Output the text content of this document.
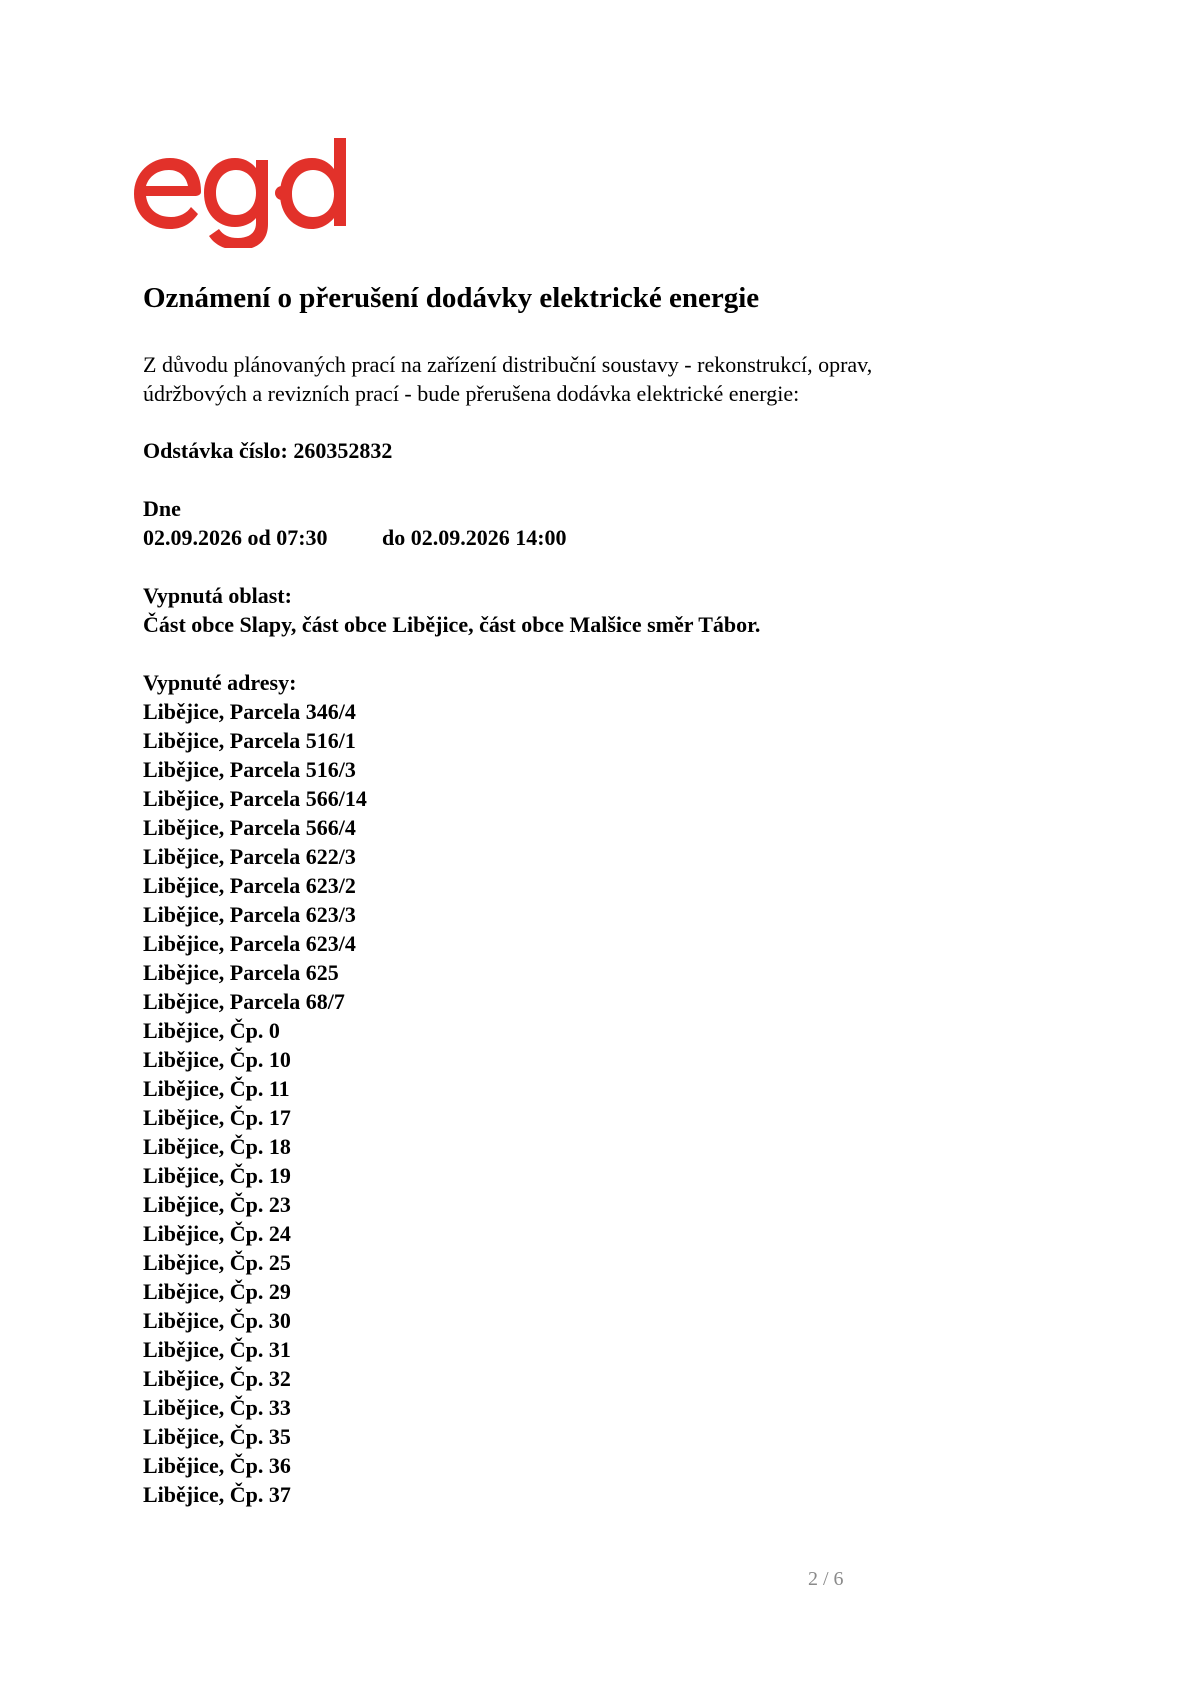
Oznámení o přerušení dodávky elektrické energie
Z důvodu plánovaných prací na zařízení distribuční soustavy - rekonstrukcí, oprav,
údržbových a revizních prací - bude přerušena dodávka elektrické energie:
Odstávka číslo: 260352832
Dne
02.09.2026 od 07:30 do 02.09.2026 14:00
Vypnutá oblast:
Část obce Slapy, část obce Libějice, část obce Malšice směr Tábor.
Vypnuté adresy:
Libějice, Parcela 346/4
Libějice, Parcela 516/1
Libějice, Parcela 516/3
Libějice, Parcela 566/14
Libějice, Parcela 566/4
Libějice, Parcela 622/3
Libějice, Parcela 623/2
Libějice, Parcela 623/3
Libějice, Parcela 623/4
Libějice, Parcela 625
Libějice, Parcela 68/7
Libějice, Čp. 0
Libějice, Čp. 10
Libějice, Čp. 11
Libějice, Čp. 17
Libějice, Čp. 18
Libějice, Čp. 19
Libějice, Čp. 23
Libějice, Čp. 24
Libějice, Čp. 25
Libějice, Čp. 29
Libějice, Čp. 30
Libějice, Čp. 31
Libějice, Čp. 32
Libějice, Čp. 33
Libějice, Čp. 35
Libějice, Čp. 36
Libějice, Čp. 37
2 / 6
